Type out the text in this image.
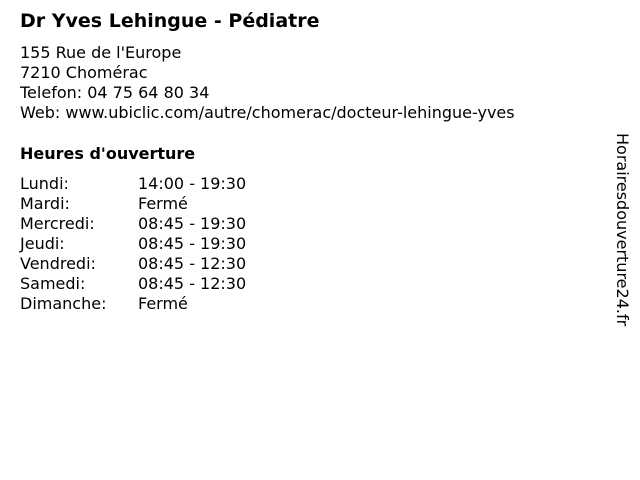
Dr Yves Lehingue - Pédiatre
155 Rue de l'Europe
7210 Chomérac
Telefon: 04 75 64 80 34
Web: www.ubiclic.com/autre/chomerac/docteur-lehingue-yves
Heures d'ouverture
Lundi:	14:00 - 19:30
Mardi:	Fermé
Mercredi:	08:45 - 19:30
Jeudi:	08:45 - 19:30
Vendredi:	08:45 - 12:30
Samedi:	08:45 - 12:30
Dimanche: Fermé	Horairesdouverture24.fr
